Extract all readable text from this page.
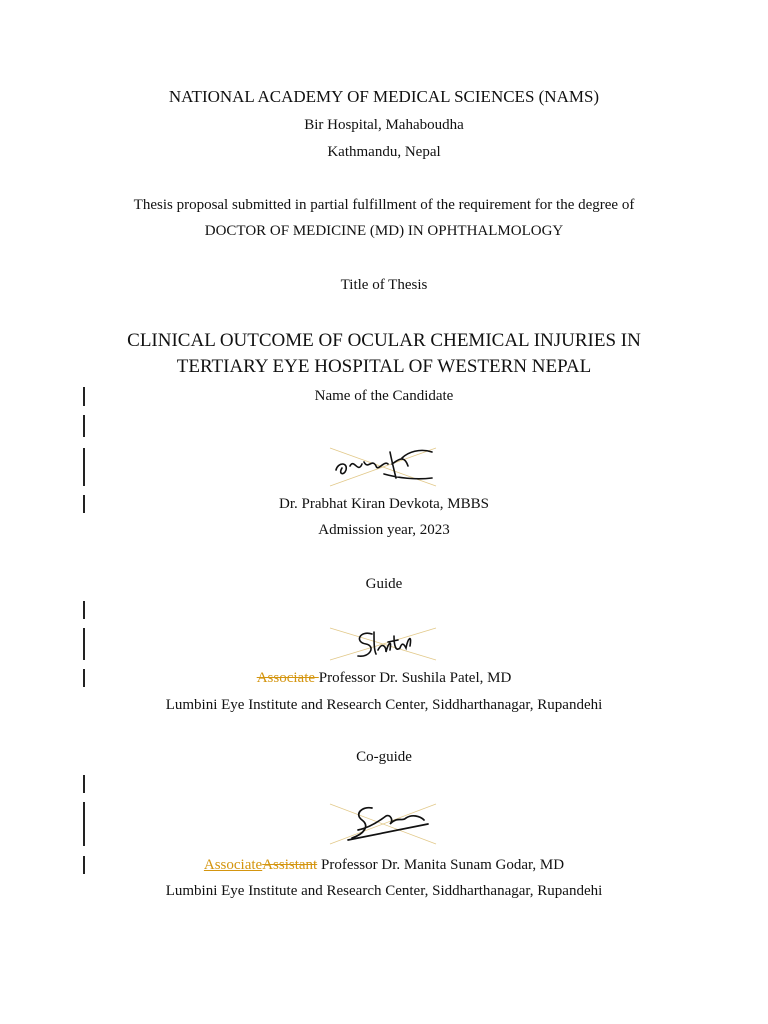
NATIONAL ACADEMY OF MEDICAL SCIENCES (NAMS)
Bir Hospital, Mahaboudha
Kathmandu, Nepal
Thesis proposal submitted in partial fulfillment of the requirement for the degree of
DOCTOR OF MEDICINE (MD) IN OPHTHALMOLOGY
Title of Thesis
CLINICAL OUTCOME OF OCULAR CHEMICAL INJURIES IN
TERTIARY EYE HOSPITAL OF WESTERN NEPAL
Name of the Candidate
Dr. Prabhat Kiran Devkota, MBBS
Admission year, 2023
Guide
Associate Professor Dr. Sushila Patel, MD
Lumbini Eye Institute and Research Center, Siddharthanagar, Rupandehi
Co-guide
AssociateAssistant Professor Dr. Manita Sunam Godar, MD
Lumbini Eye Institute and Research Center, Siddharthanagar, Rupandehi
